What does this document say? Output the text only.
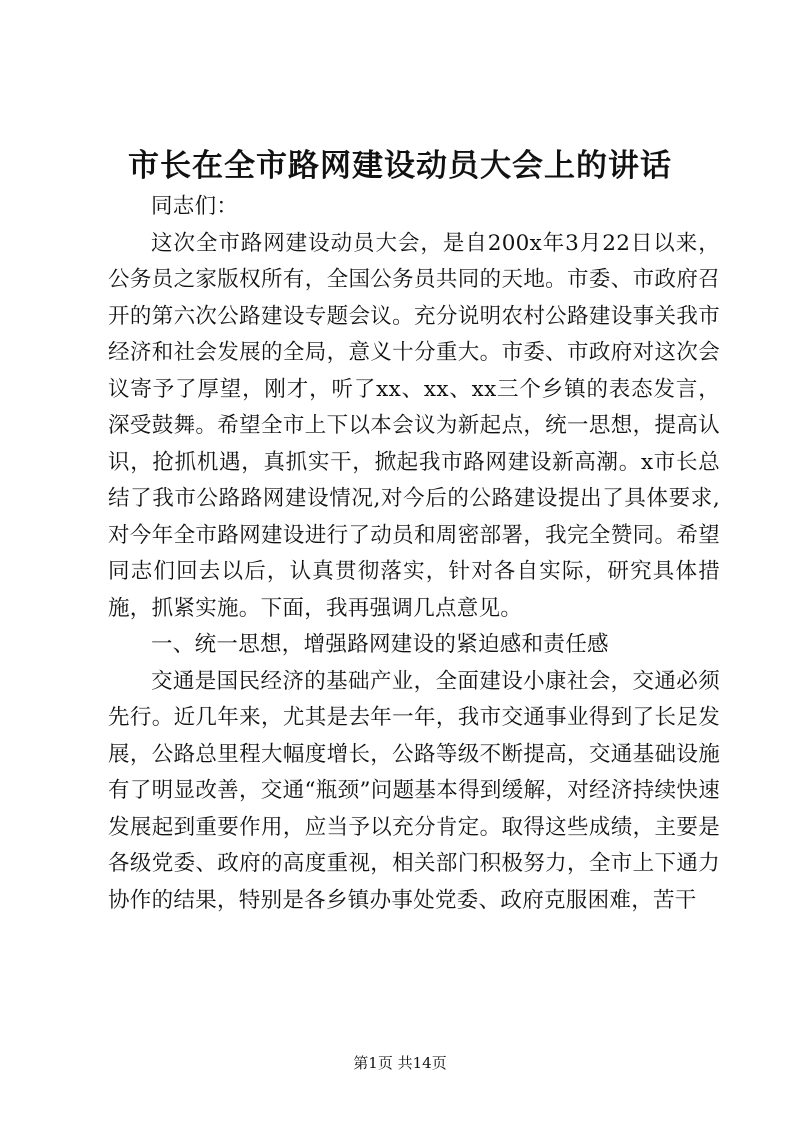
市长在全市路网建设动员大会上的讲话

同志们：

这次全市路网建设动员大会，是自200x年3月22日以来，公务员之家版权所有，全国公务员共同的天地。市委、市政府召开的第六次公路建设专题会议。充分说明农村公路建设事关我市经济和社会发展的全局，意义十分重大。市委、市政府对这次会议寄予了厚望，刚才，听了xx、xx、xx三个乡镇的表态发言，深受鼓舞。希望全市上下以本会议为新起点，统一思想，提高认识，抢抓机遇，真抓实干，掀起我市路网建设新高潮。x市长总结了我市公路路网建设情况,对今后的公路建设提出了具体要求,对今年全市路网建设进行了动员和周密部署，我完全赞同。希望同志们回去以后，认真贯彻落实，针对各自实际，研究具体措施，抓紧实施。下面，我再强调几点意见。

一、统一思想，增强路网建设的紧迫感和责任感

交通是国民经济的基础产业，全面建设小康社会，交通必须先行。近几年来，尤其是去年一年，我市交通事业得到了长足发展，公路总里程大幅度增长，公路等级不断提高，交通基础设施有了明显改善，交通“瓶颈”问题基本得到缓解，对经济持续快速发展起到重要作用，应当予以充分肯定。取得这些成绩，主要是各级党委、政府的高度重视，相关部门积极努力，全市上下通力协作的结果，特别是各乡镇办事处党委、政府克服困难，苦干

第1页 共14页
